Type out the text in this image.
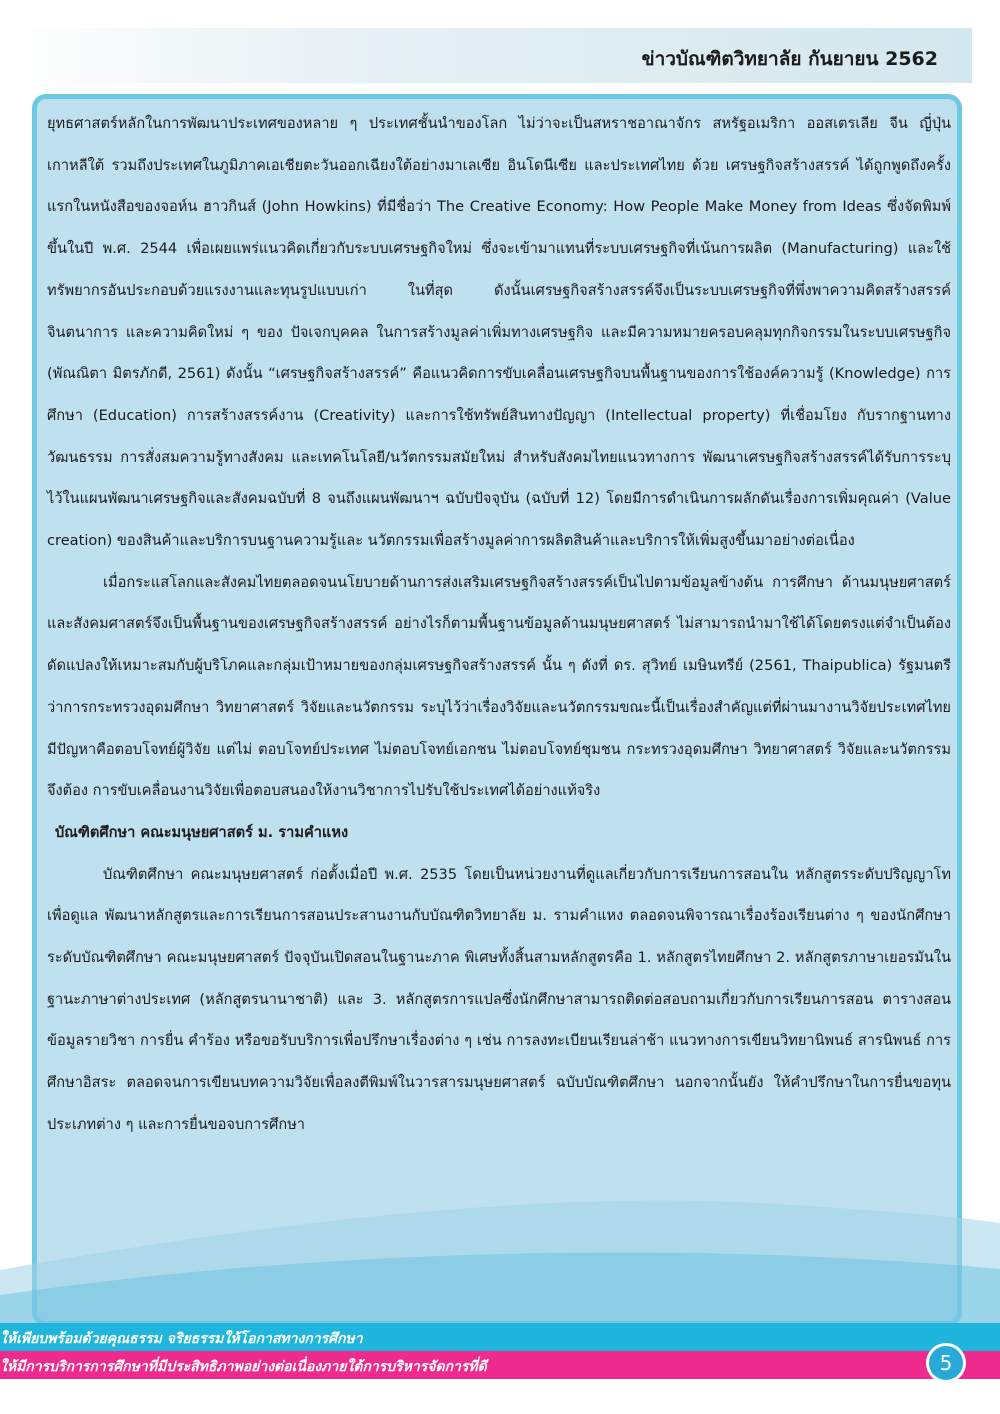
ข่าวบัณฑิตวิทยาลัย กันยายน 2562

ยุทธศาสตร์หลักในการพัฒนาประเทศของหลาย ๆ ประเทศชั้นนำของโลก ไม่ว่าจะเป็นสหราชอาณาจักร สหรัฐอเมริกา ออสเตรเลีย จีน ญี่ปุ่น เกาหลีใต้ รวมถึงประเทศในภูมิภาคเอเชียตะวันออกเฉียงใต้อย่างมาเลเซีย อินโดนีเซีย และประเทศไทย ด้วย เศรษฐกิจสร้างสรรค์ ได้ถูกพูดถึงครั้งแรกในหนังสือของจอห์น ฮาวกินส์ (John Howkins) ที่มีชื่อว่า The Creative Economy: How People Make Money from Ideas ซึ่งจัดพิมพ์ขึ้นในปี พ.ศ. 2544 เพื่อเผยแพร่แนวคิดเกี่ยวกับระบบเศรษฐกิจใหม่ ซึ่งจะเข้ามาแทนที่ระบบเศรษฐกิจที่เน้นการผลิต (Manufacturing) และใช้ทรัพยากรอันประกอบด้วยแรงงานและทุนรูปแบบเก่า ในที่สุด ดังนั้นเศรษฐกิจสร้างสรรค์จึงเป็นระบบเศรษฐกิจที่พึ่งพาความคิดสร้างสรรค์ จินตนาการ และความคิดใหม่ ๆ ของ ปัจเจกบุคคล ในการสร้างมูลค่าเพิ่มทางเศรษฐกิจ และมีความหมายครอบคลุมทุกกิจกรรมในระบบเศรษฐกิจ (พัณณิตา มิตรภักดี, 2561) ดังนั้น “เศรษฐกิจสร้างสรรค์” คือแนวคิดการขับเคลื่อนเศรษฐกิจบนพื้นฐานของการใช้องค์ความรู้ (Knowledge) การศึกษา (Education) การสร้างสรรค์งาน (Creativity) และการใช้ทรัพย์สินทางปัญญา (Intellectual property) ที่เชื่อมโยง กับรากฐานทางวัฒนธรรม การสั่งสมความรู้ทางสังคม และเทคโนโลยี/นวัตกรรมสมัยใหม่ สำหรับสังคมไทยแนวทางการ พัฒนาเศรษฐกิจสร้างสรรค์ได้รับการระบุไว้ในแผนพัฒนาเศรษฐกิจและสังคมฉบับที่ 8 จนถึงแผนพัฒนาฯ ฉบับปัจจุบัน (ฉบับที่ 12) โดยมีการดำเนินการผลักดันเรื่องการเพิ่มคุณค่า (Value creation) ของสินค้าและบริการบนฐานความรู้และ นวัตกรรมเพื่อสร้างมูลค่าการผลิตสินค้าและบริการให้เพิ่มสูงขึ้นมาอย่างต่อเนื่อง

เมื่อกระแสโลกและสังคมไทยตลอดจนนโยบายด้านการส่งเสริมเศรษฐกิจสร้างสรรค์เป็นไปตามข้อมูลข้างต้น การศึกษา ด้านมนุษยศาสตร์และสังคมศาสตร์จึงเป็นพื้นฐานของเศรษฐกิจสร้างสรรค์ อย่างไรก็ตามพื้นฐานข้อมูลด้านมนุษยศาสตร์ ไม่สามารถนำมาใช้ได้โดยตรงแต่จำเป็นต้องดัดแปลงให้เหมาะสมกับผู้บริโภคและกลุ่มเป้าหมายของกลุ่มเศรษฐกิจสร้างสรรค์ นั้น ๆ ดังที่ ดร. สุวิทย์ เมษินทรีย์ (2561, Thaipublica) รัฐมนตรีว่าการกระทรวงอุดมศึกษา วิทยาศาสตร์ วิจัยและนวัตกรรม ระบุไว้ว่าเรื่องวิจัยและนวัตกรรมขณะนี้เป็นเรื่องสำคัญแต่ที่ผ่านมางานวิจัยประเทศไทยมีปัญหาคือตอบโจทย์ผู้วิจัย แต่ไม่ ตอบโจทย์ประเทศ ไม่ตอบโจทย์เอกชน ไม่ตอบโจทย์ชุมชน กระทรวงอุดมศึกษา วิทยาศาสตร์ วิจัยและนวัตกรรม จึงต้อง การขับเคลื่อนงานวิจัยเพื่อตอบสนองให้งานวิชาการไปรับใช้ประเทศได้อย่างแท้จริง

บัณฑิตศึกษา คณะมนุษยศาสตร์ ม. รามคำแหง

บัณฑิตศึกษา คณะมนุษยศาสตร์ ก่อตั้งเมื่อปี พ.ศ. 2535 โดยเป็นหน่วยงานที่ดูแลเกี่ยวกับการเรียนการสอนใน หลักสูตรระดับปริญญาโท เพื่อดูแล พัฒนาหลักสูตรและการเรียนการสอนประสานงานกับบัณฑิตวิทยาลัย ม. รามคำแหง ตลอดจนพิจารณาเรื่องร้องเรียนต่าง ๆ ของนักศึกษาระดับบัณฑิตศึกษา คณะมนุษยศาสตร์ ปัจจุบันเปิดสอนในฐานะภาค พิเศษทั้งสิ้นสามหลักสูตรคือ 1. หลักสูตรไทยศึกษา 2. หลักสูตรภาษาเยอรมันในฐานะภาษาต่างประเทศ (หลักสูตรนานาชาติ) และ 3. หลักสูตรการแปลซึ่งนักศึกษาสามารถติดต่อสอบถามเกี่ยวกับการเรียนการสอน ตารางสอน ข้อมูลรายวิชา การยื่น คำร้อง หรือขอรับบริการเพื่อปรึกษาเรื่องต่าง ๆ เช่น การลงทะเบียนเรียนล่าช้า แนวทางการเขียนวิทยานิพนธ์ สารนิพนธ์ การศึกษาอิสระ ตลอดจนการเขียนบทความวิจัยเพื่อลงตีพิมพ์ในวารสารมนุษยศาสตร์ ฉบับบัณฑิตศึกษา นอกจากนั้นยัง ให้คำปรึกษาในการยื่นขอทุนประเภทต่าง ๆ และการยื่นขอจบการศึกษา

ให้เพียบพร้อมด้วยคุณธรรม จริยธรรมให้โอกาสทางการศึกษา
ให้มีการบริการการศึกษาที่มีประสิทธิภาพอย่างต่อเนื่องภายใต้การบริหารจัดการที่ดี	5
